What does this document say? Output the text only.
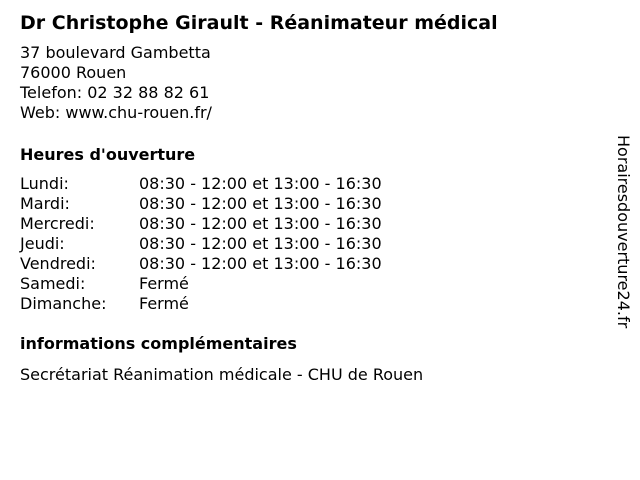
Dr Christophe Girault - Réanimateur médical
37 boulevard Gambetta
76000 Rouen
Telefon: 02 32 88 82 61
Web: www.chu-rouen.fr/
Heures d'ouverture
Lundi:	08:30 - 12:00 et 13:00 - 16:30
Mardi:	08:30 - 12:00 et 13:00 - 16:30
Mercredi:	08:30 - 12:00 et 13:00 - 16:30
Jeudi:	08:30 - 12:00 et 13:00 - 16:30
Vendredi:	08:30 - 12:00 et 13:00 - 16:30
Samedi:	Fermé
Dimanche: Fermé
informations complémentaires
Secrétariat Réanimation médicale - CHU de Rouen
Horairesdouverture24.fr
